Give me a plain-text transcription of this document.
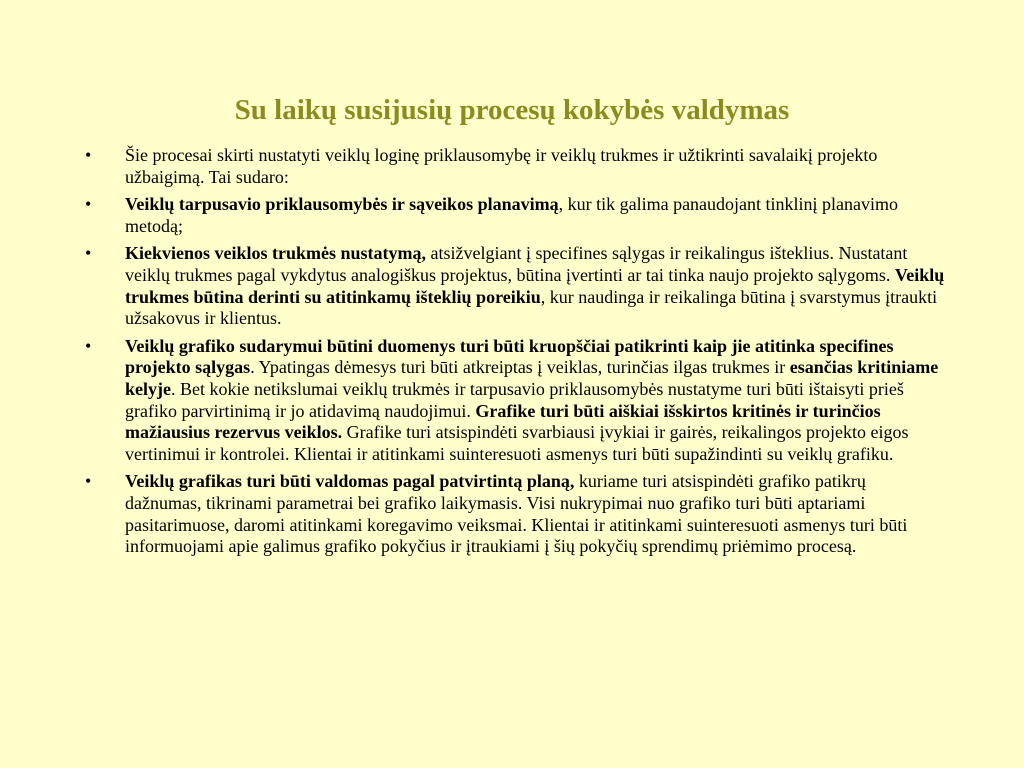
Su laikų susijusių procesų kokybės valdymas
•	Šie procesai skirti nustatyti veiklų loginę priklausomybę ir veiklų trukmes ir užtikrinti savalaikį projekto užbaigimą. Tai sudaro:
•	Veiklų tarpusavio priklausomybės ir sąveikos planavimą, kur tik galima panaudojant tinklinį planavimo metodą;
•	Kiekvienos veiklos trukmės nustatymą, atsižvelgiant į specifines sąlygas ir reikalingus išteklius. Nustatant veiklų trukmes pagal vykdytus analogiškus projektus, būtina įvertinti ar tai tinka naujo projekto sąlygoms. Veiklų trukmes būtina derinti su atitinkamų išteklių poreikiu, kur naudinga ir reikalinga būtina į svarstymus įtraukti užsakovus ir klientus.
•	Veiklų grafiko sudarymui būtini duomenys turi būti kruopščiai patikrinti kaip jie atitinka specifines projekto sąlygas. Ypatingas dėmesys turi būti atkreiptas į veiklas, turinčias ilgas trukmes ir esančias kritiniame kelyje. Bet kokie netikslumai veiklų trukmės ir tarpusavio priklausomybės nustatyme turi būti ištaisyti prieš grafiko parvirtinimą ir jo atidavimą naudojimui. Grafike turi būti aiškiai išskirtos kritinės ir turinčios mažiausius rezervus veiklos. Grafike turi atsispindėti svarbiausi įvykiai ir gairės, reikalingos projekto eigos vertinimui ir kontrolei. Klientai ir atitinkami suinteresuoti asmenys turi būti supažindinti su veiklų grafiku.
•	Veiklų grafikas turi būti valdomas pagal patvirtintą planą, kuriame turi atsispindėti grafiko patikrų dažnumas, tikrinami parametrai bei grafiko laikymasis. Visi nukrypimai nuo grafiko turi būti aptariami pasitarimuose, daromi atitinkami koregavimo veiksmai. Klientai ir atitinkami suinteresuoti asmenys turi būti informuojami apie galimus grafiko pokyčius ir įtraukiami į šių pokyčių sprendimų priėmimo procesą.
